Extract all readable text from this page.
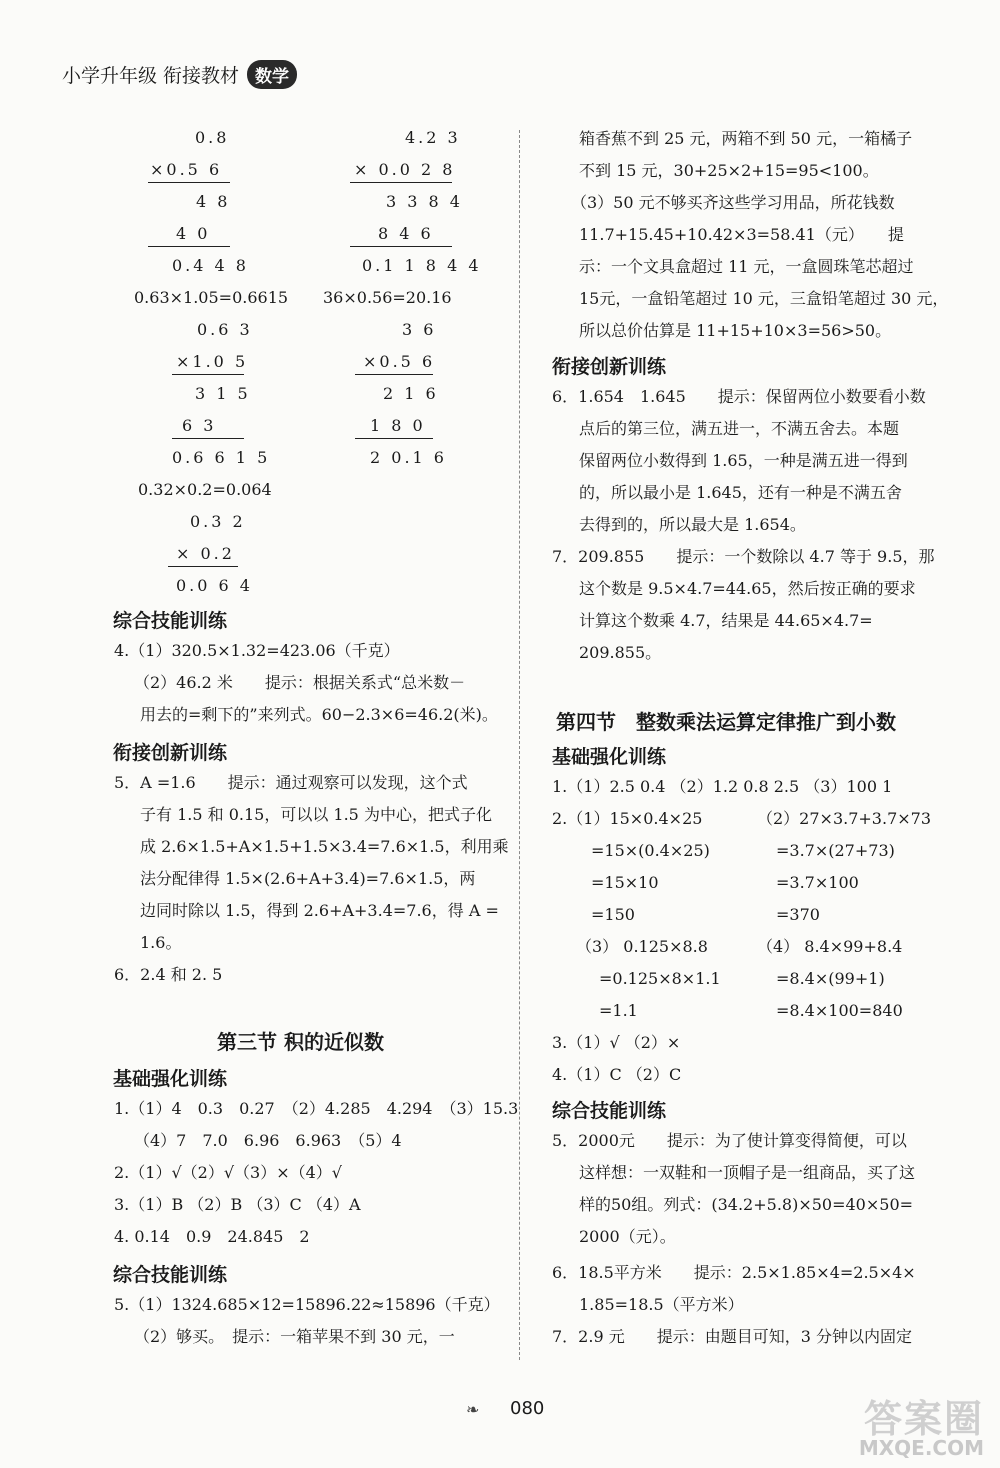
小学升年级 衔接教材 数学
0.8
×0.5 6
4 8
4 0
0.4 4 8
4.2 3
× 0.0 2 8
3 3 8 4
8 4 6
0.1 1 8 4 4
0.63×1.05=0.6615 36×0.56=20.16
0.6 3
×1.0 5
3 1 5
6 3
0.6 6 1 5
3 6
×0.5 6
2 1 6
1 8 0
2 0.1 6
0.32×0.2=0.064
0.3 2
× 0.2
0.0 6 4
综合技能训练
4.（1）320.5×1.32=423.06（千克）
（2）46.2 米　　提示：根据关系式“总米数－
用去的=剩下的”来列式。60−2.3×6=46.2(米)。
衔接创新训练
5．A =1.6　　提示：通过观察可以发现，这个式
子有 1.5 和 0.15，可以以 1.5 为中心，把式子化
成 2.6×1.5+A×1.5+1.5×3.4=7.6×1.5，利用乘
法分配律得 1.5×(2.6+A+3.4)=7.6×1.5，两
边同时除以 1.5，得到 2.6+A+3.4=7.6，得 A =
1.6。
6．2.4 和 2. 5
第三节 积的近似数
基础强化训练
1.（1）4　0.3　0.27　（2）4.285　4.294　（3）15.3
（4）7　7.0　6.96　6.963　（5）4
2.（1）√（2）√（3）×（4）√
3.（1）B （2）B （3）C （4）A
4. 0.14　0.9　24.845　2
综合技能训练
5.（1）1324.685×12=15896.22≈15896（千克）
（2）够买。　提示：一箱苹果不到 30 元，一
箱香蕉不到 25 元，两箱不到 50 元，一箱橘子
不到 15 元，30+25×2+15=95<100。
（3）50 元不够买齐这些学习用品，所花钱数
11.7+15.45+10.42×3=58.41（元）　　提
示：一个文具盒超过 11 元，一盒圆珠笔芯超过
15元，一盒铅笔超过 10 元，三盒铅笔超过 30 元，
所以总价估算是 11+15+10×3=56>50。
衔接创新训练
6．1.654　1.645　　提示：保留两位小数要看小数
点后的第三位，满五进一，不满五舍去。本题
保留两位小数得到 1.65，一种是满五进一得到
的，所以最小是 1.645，还有一种是不满五舍
去得到的，所以最大是 1.654。
7．209.855　　提示：一个数除以 4.7 等于 9.5，那
这个数是 9.5×4.7=44.65，然后按正确的要求
计算这个数乘 4.7，结果是 44.65×4.7=
209.855。
第四节　整数乘法运算定律推广到小数
基础强化训练
1.（1）2.5 0.4 （2）1.2 0.8 2.5 （3）100 1
2.（1）15×0.4×25
=15×(0.4×25)
=15×10
=150
（2）27×3.7+3.7×73
=3.7×(27+73)
=3.7×100
=370
（3） 0.125×8.8
=0.125×8×1.1
=1.1
（4） 8.4×99+8.4
=8.4×(99+1)
=8.4×100=840
3.（1）√ （2）×
4.（1）C （2）C
综合技能训练
5．2000元　　提示：为了使计算变得简便，可以
这样想：一双鞋和一顶帽子是一组商品，买了这
样的50组。列式：(34.2+5.8)×50=40×50=
2000（元）。
6．18.5平方米　　提示：2.5×1.85×4=2.5×4×
1.85=18.5（平方米）
7．2.9 元　　提示：由题目可知，3 分钟以内固定
❧ 080	答案圈
MXQE.COM
